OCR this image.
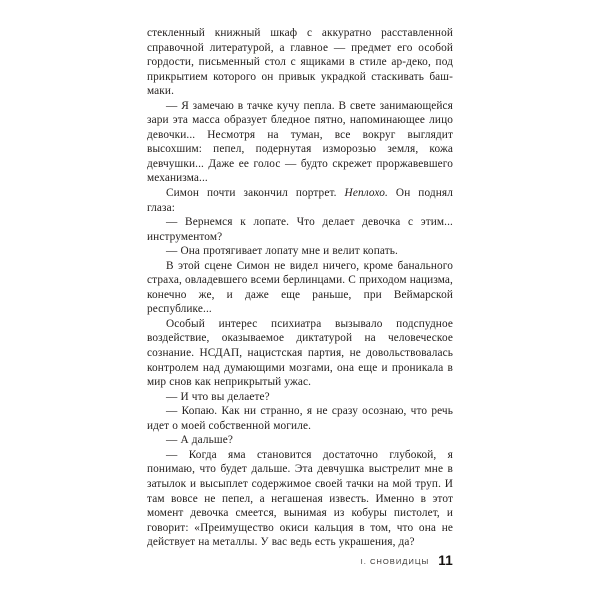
стекленный книжный шкаф с аккуратно расставленной справочной литературой, а главное — предмет его особой гордости, письменный стол с ящиками в стиле ар-деко, под прикрытием которого он привык украдкой стаскивать баш-маки.

— Я замечаю в тачке кучу пепла. В свете занимающейся зари эта масса образует бледное пятно, напоминающее лицо девочки... Несмотря на туман, все вокруг выглядит высохшим: пепел, подернутая изморозью земля, кожа девчушки... Даже ее голос — будто скрежет проржавевшего механизма...

Симон почти закончил портрет. Неплохо. Он поднял глаза:

— Вернемся к лопате. Что делает девочка с этим... инструментом?

— Она протягивает лопату мне и велит копать.

В этой сцене Симон не видел ничего, кроме банального страха, овладевшего всеми берлинцами. С приходом нацизма, конечно же, и даже еще раньше, при Веймарской республике...

Особый интерес психиатра вызывало подспудное воздействие, оказываемое диктатурой на человеческое сознание. НСДАП, нацистская партия, не довольствовалась контролем над думающими мозгами, она еще и проникала в мир снов как неприкрытый ужас.

— И что вы делаете?

— Копаю. Как ни странно, я не сразу осознаю, что речь идет о моей собственной могиле.

— А дальше?

— Когда яма становится достаточно глубокой, я понимаю, что будет дальше. Эта девчушка выстрелит мне в затылок и высыплет содержимое своей тачки на мой труп. И там вовсе не пепел, а негашеная известь. Именно в этот момент девочка смеется, вынимая из кобуры пистолет, и говорит: «Преимущество окиси кальция в том, что она не действует на металлы. У вас ведь есть украшения, да?

I. СНОВИДИЦЫ 11
